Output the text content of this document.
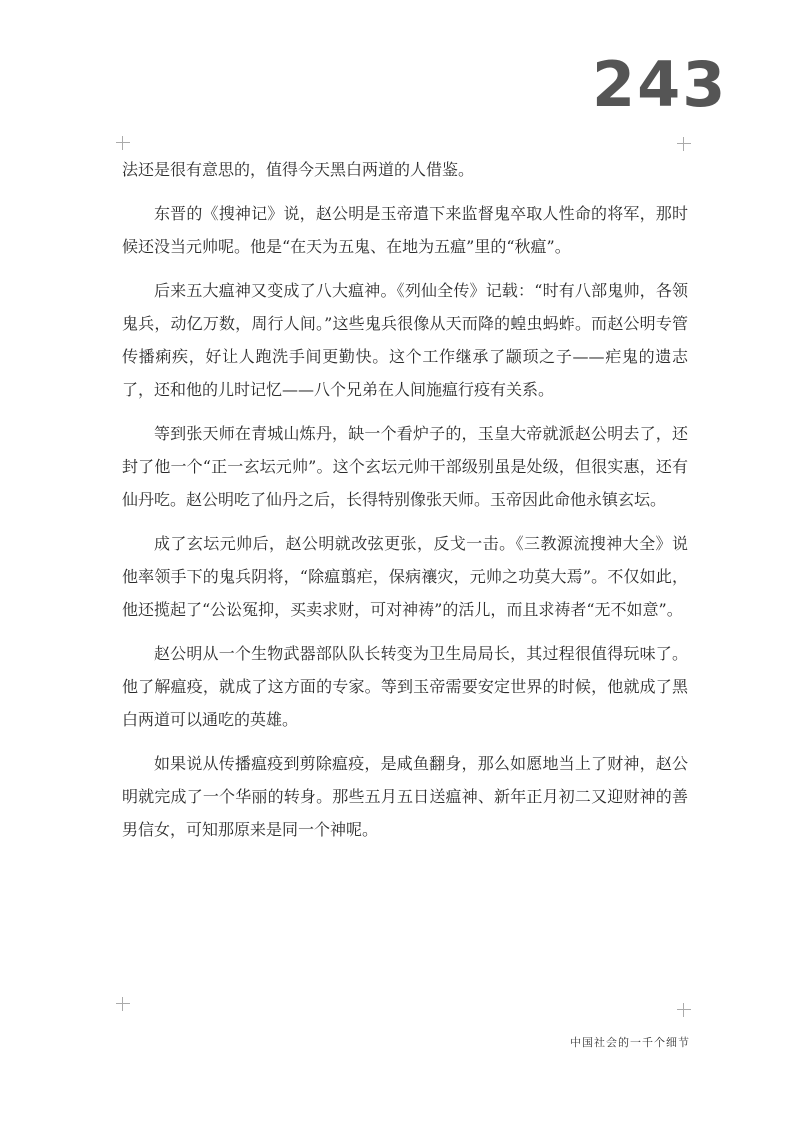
243

法还是很有意思的，值得今天黑白两道的人借鉴。

东晋的《搜神记》说，赵公明是玉帝遣下来监督鬼卒取人性命的将军，那时候还没当元帅呢。他是“在天为五鬼、在地为五瘟”里的“秋瘟”。

后来五大瘟神又变成了八大瘟神。《列仙全传》记载：“时有八部鬼帅，各领鬼兵，动亿万数，周行人间。”这些鬼兵很像从天而降的蝗虫蚂蚱。而赵公明专管传播痢疾，好让人跑洗手间更勤快。这个工作继承了颛顼之子——疟鬼的遗志了，还和他的儿时记忆——八个兄弟在人间施瘟行疫有关系。

等到张天师在青城山炼丹，缺一个看炉子的，玉皇大帝就派赵公明去了，还封了他一个“正一玄坛元帅”。这个玄坛元帅干部级别虽是处级，但很实惠，还有仙丹吃。赵公明吃了仙丹之后，长得特别像张天师。玉帝因此命他永镇玄坛。

成了玄坛元帅后，赵公明就改弦更张，反戈一击。《三教源流搜神大全》说他率领手下的鬼兵阴将，“除瘟翦疟，保病禳灾，元帅之功莫大焉”。不仅如此，他还揽起了“公讼冤抑，买卖求财，可对神祷”的活儿，而且求祷者“无不如意”。

赵公明从一个生物武器部队队长转变为卫生局局长，其过程很值得玩味了。他了解瘟疫，就成了这方面的专家。等到玉帝需要安定世界的时候，他就成了黑白两道可以通吃的英雄。

如果说从传播瘟疫到剪除瘟疫，是咸鱼翻身，那么如愿地当上了财神，赵公明就完成了一个华丽的转身。那些五月五日送瘟神、新年正月初二又迎财神的善男信女，可知那原来是同一个神呢。

中国社会的一千个细节
